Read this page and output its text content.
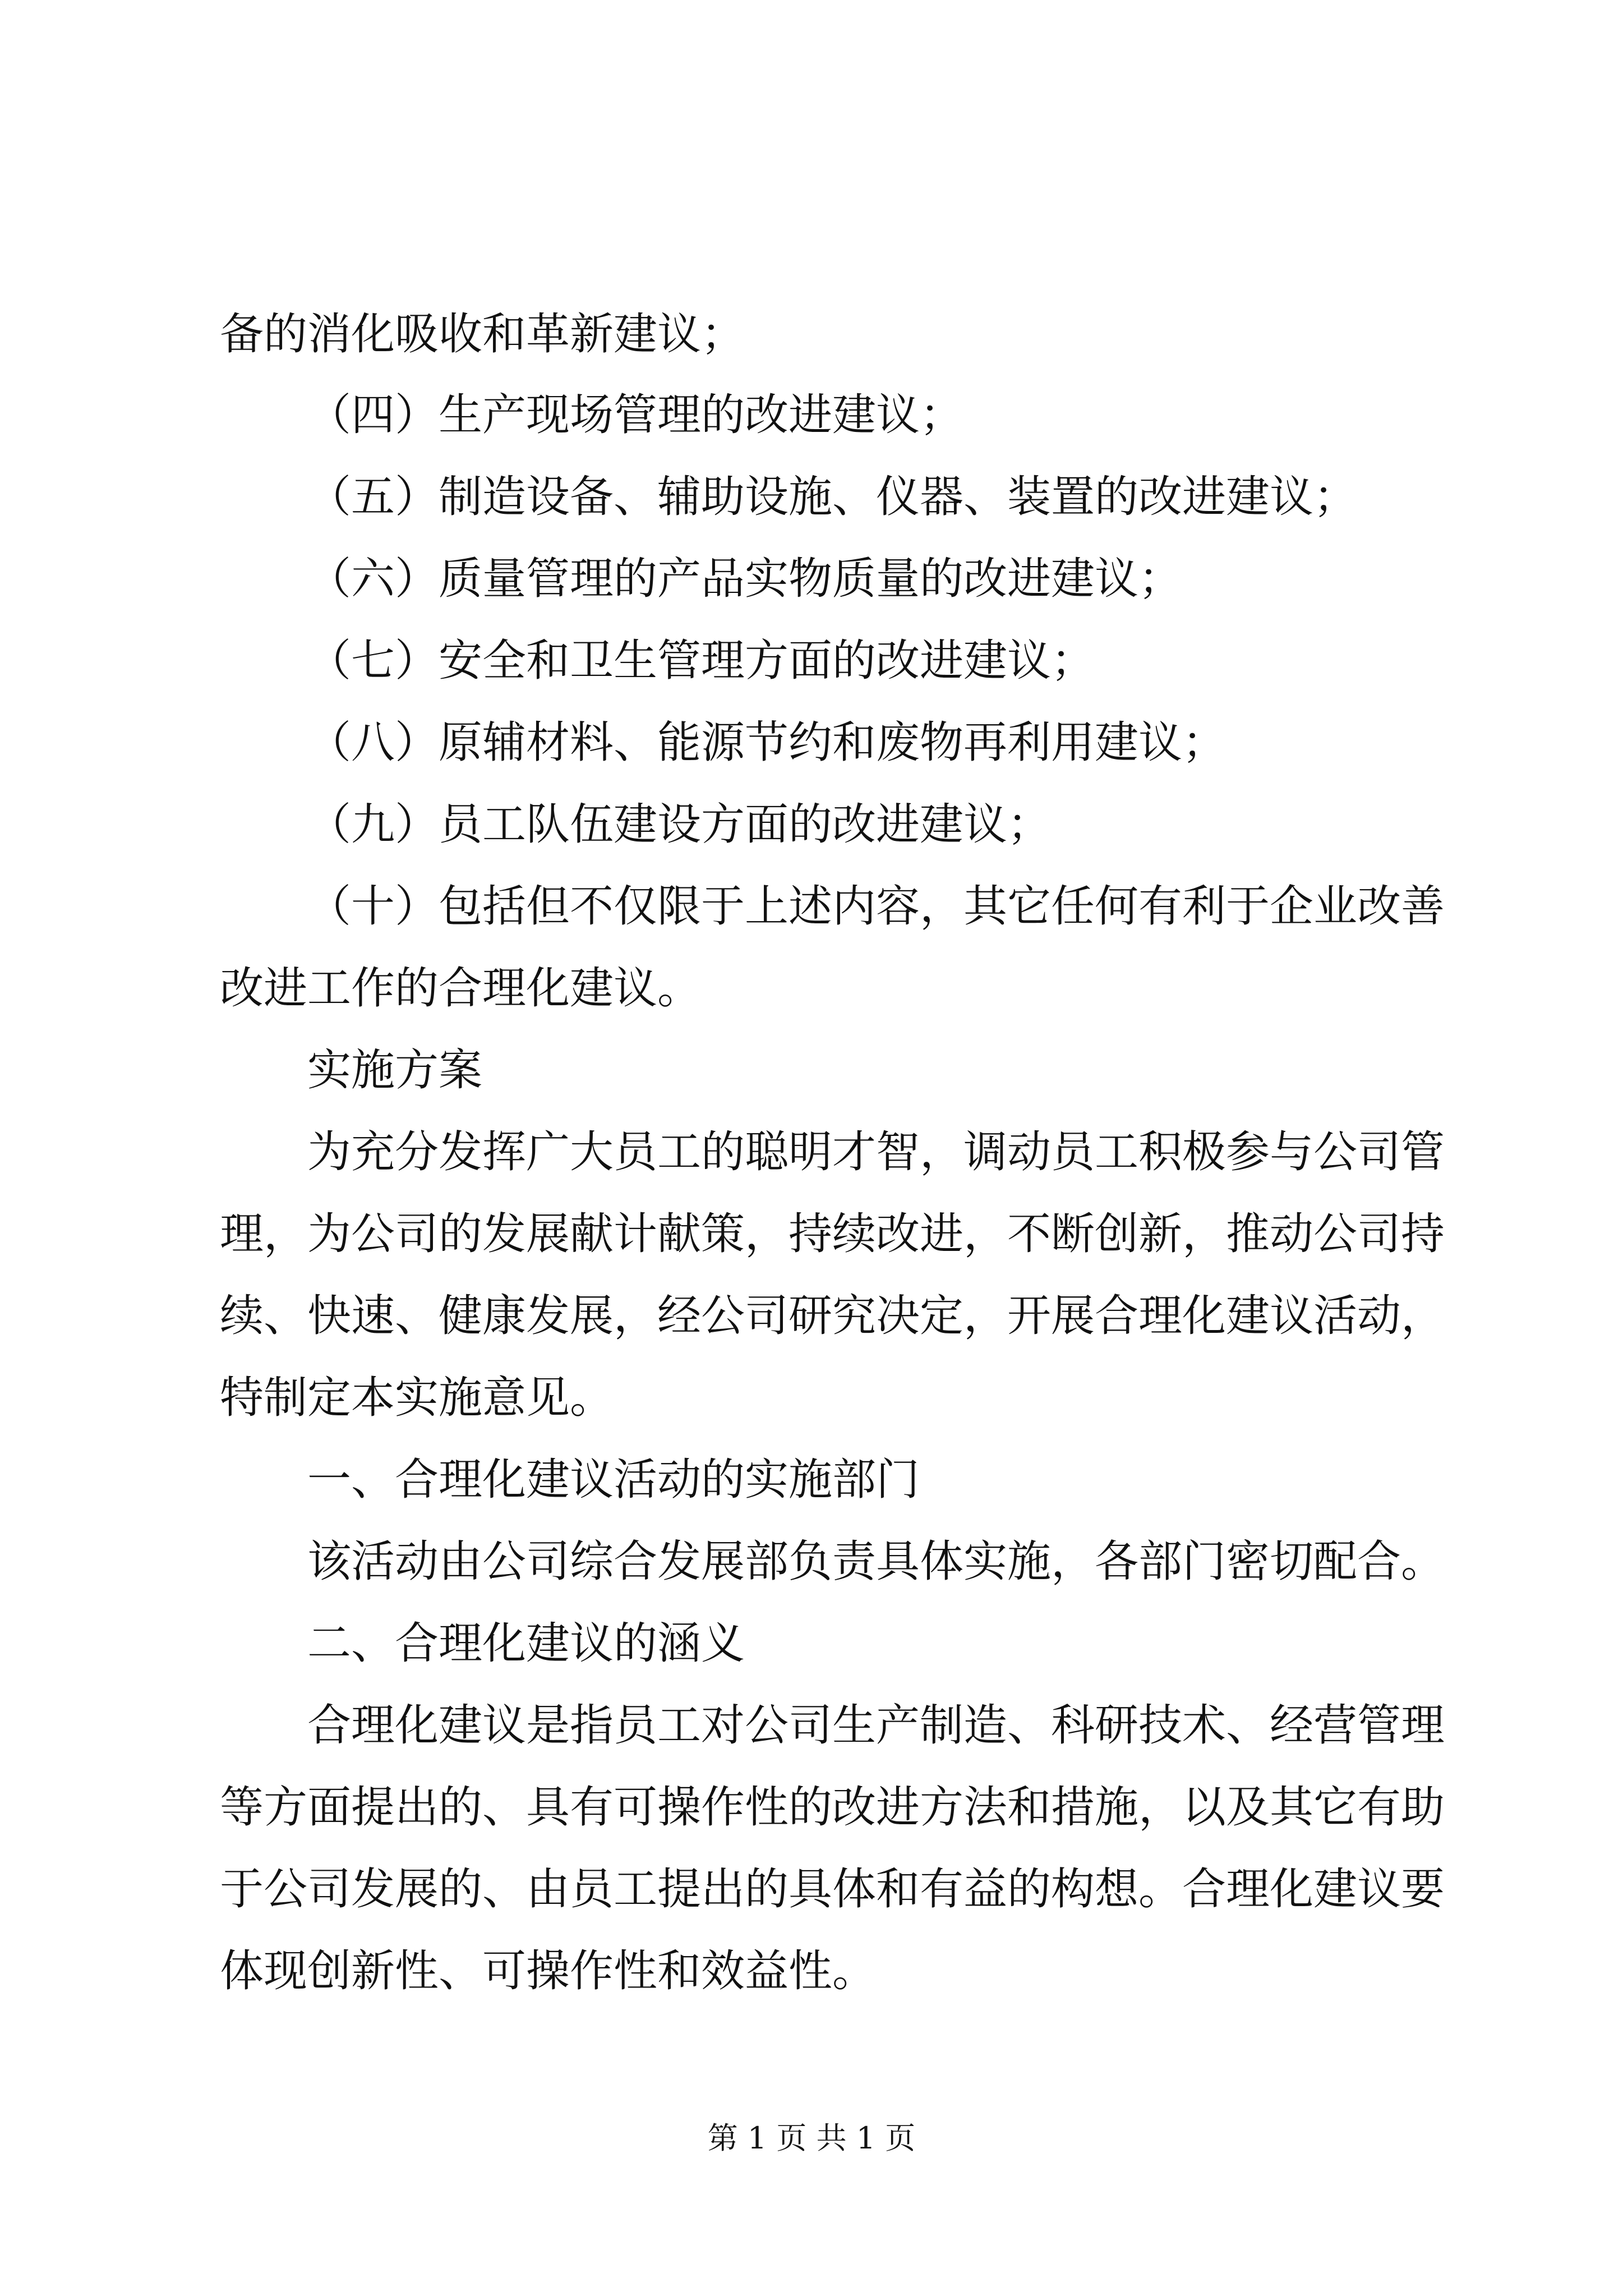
备的消化吸收和革新建议；
（四）生产现场管理的改进建议；
（五）制造设备、辅助设施、仪器、装置的改进建议；
（六）质量管理的产品实物质量的改进建议；
（七）安全和卫生管理方面的改进建议；
（八）原辅材料、能源节约和废物再利用建议；
（九）员工队伍建设方面的改进建议；
（十）包括但不仅限于上述内容，其它任何有利于企业改善
改进工作的合理化建议。
实施方案
为充分发挥广大员工的聪明才智，调动员工积极参与公司管
理，为公司的发展献计献策，持续改进，不断创新，推动公司持
续、快速、健康发展，经公司研究决定，开展合理化建议活动，
特制定本实施意见。
一、合理化建议活动的实施部门
该活动由公司综合发展部负责具体实施，各部门密切配合。
二、合理化建议的涵义
合理化建议是指员工对公司生产制造、科研技术、经营管理
等方面提出的、具有可操作性的改进方法和措施，以及其它有助
于公司发展的、由员工提出的具体和有益的构想。合理化建议要
体现创新性、可操作性和效益性。
第 1 页 共 1 页
